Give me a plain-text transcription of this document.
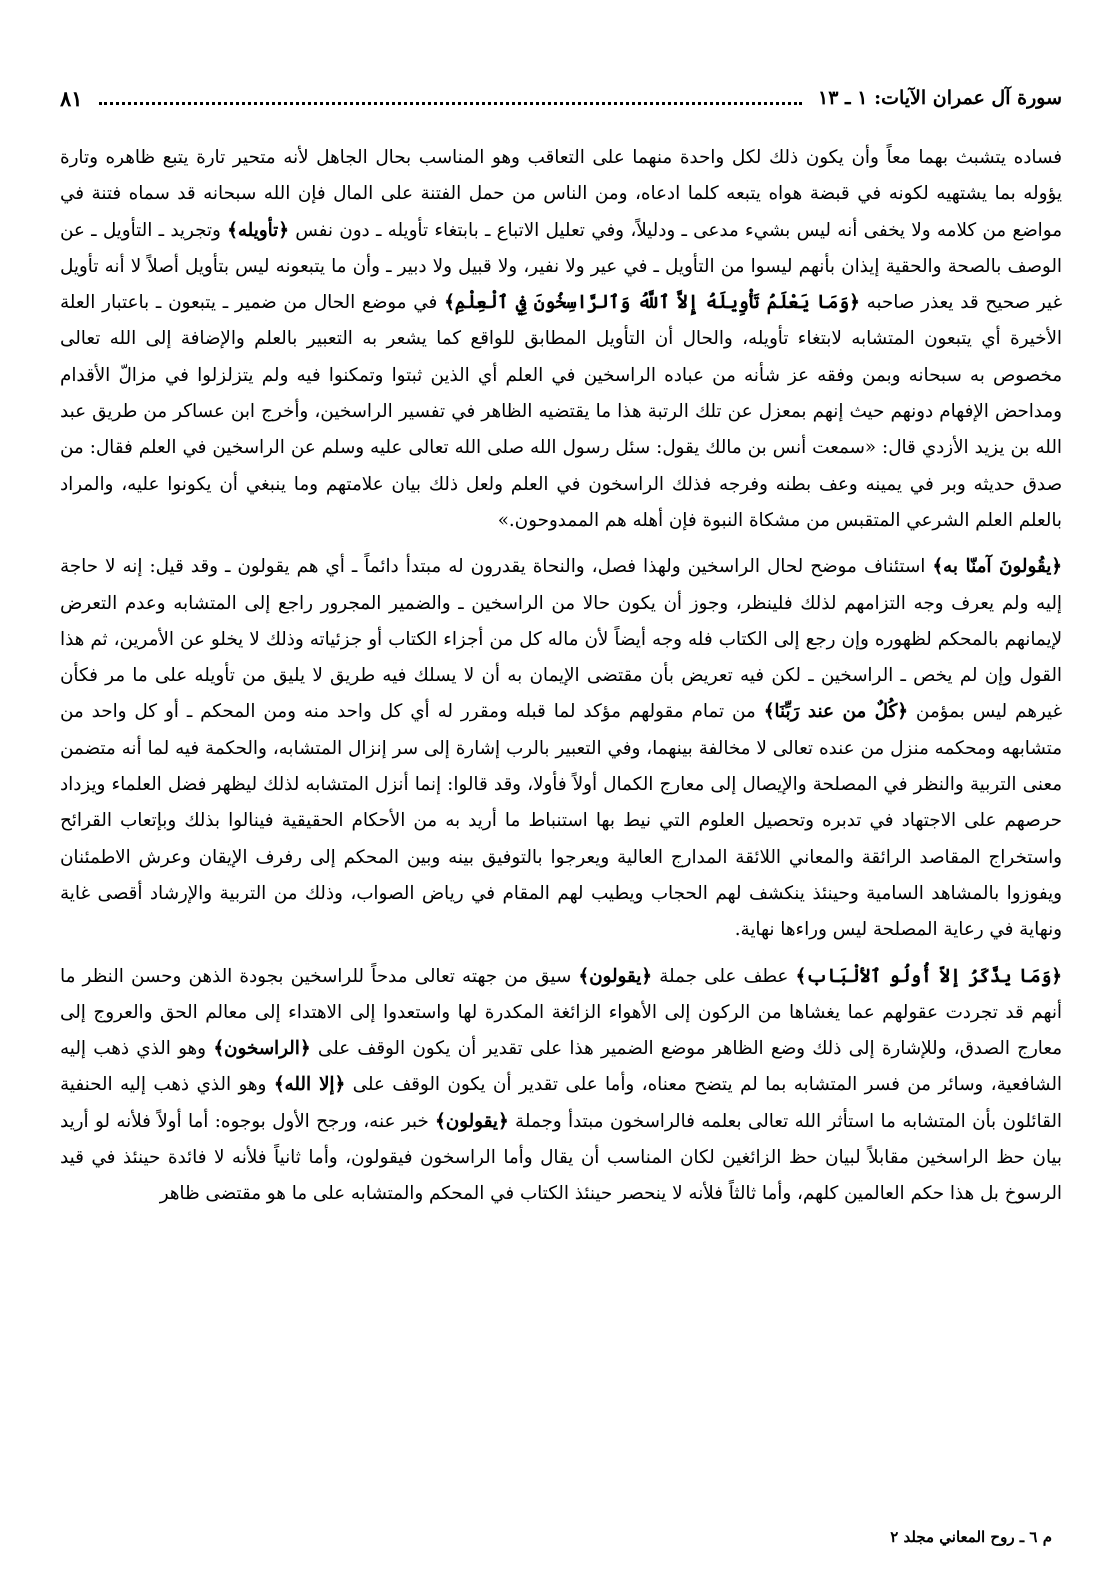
سورة آل عمران الآيات: ١ ـ ١٣
٨١

فساده يتشبث بهما معاً وأن يكون ذلك لكل واحدة منهما على التعاقب وهو المناسب بحال الجاهل لأنه متحير تارة يتبع ظاهره وتارة يؤوله بما يشتهيه لكونه في قبضة هواه يتبعه كلما ادعاه، ومن الناس من حمل الفتنة على المال فإن الله سبحانه قد سماه فتنة في مواضع من كلامه ولا يخفى أنه ليس بشيء مدعى ـ ودليلاً، وفي تعليل الاتباع ـ بابتغاء تأويله ـ دون نفس ﴿تأويله﴾ وتجريد ـ التأويل ـ عن الوصف بالصحة والحقية إيذان بأنهم ليسوا من التأويل ـ في عير ولا نفير، ولا قبيل ولا دبير ـ وأن ما يتبعونه ليس بتأويل أصلاً لا أنه تأويل غير صحيح قد يعذر صاحبه ﴿وَمَا يَعْلَمُ تَأْوِيلَهُ إِلاَّ ٱللَّهُ وَٱلرَّاسِخُونَ فِي ٱلْعِلْمِ﴾ في موضع الحال من ضمير ـ يتبعون ـ باعتبار العلة الأخيرة أي يتبعون المتشابه لابتغاء تأويله، والحال أن التأويل المطابق للواقع كما يشعر به التعبير بالعلم والإضافة إلى الله تعالى مخصوص به سبحانه وبمن وفقه عز شأنه من عباده الراسخين في العلم أي الذين ثبتوا وتمكنوا فيه ولم يتزلزلوا في مزالّ الأقدام ومداحض الإفهام دونهم حيث إنهم بمعزل عن تلك الرتبة هذا ما يقتضيه الظاهر في تفسير الراسخين، وأخرج ابن عساكر من طريق عبد الله بن يزيد الأزدي قال: «سمعت أنس بن مالك يقول: سئل رسول الله صلى الله تعالى عليه وسلم عن الراسخين في العلم فقال: من صدق حديثه وبر في يمينه وعف بطنه وفرجه فذلك الراسخون في العلم ولعل ذلك بيان علامتهم وما ينبغي أن يكونوا عليه، والمراد بالعلم العلم الشرعي المتقبس من مشكاة النبوة فإن أهله هم الممدوحون.»

﴿يقُولونَ آمنّا به﴾ استئناف موضح لحال الراسخين ولهذا فصل، والنحاة يقدرون له مبتدأ دائماً ـ أي هم يقولون ـ وقد قيل: إنه لا حاجة إليه ولم يعرف وجه التزامهم لذلك فلينظر، وجوز أن يكون حالا من الراسخين ـ والضمير المجرور راجع إلى المتشابه وعدم التعرض لإيمانهم بالمحكم لظهوره وإن رجع إلى الكتاب فله وجه أيضاً لأن ماله كل من أجزاء الكتاب أو جزئياته وذلك لا يخلو عن الأمرين، ثم هذا القول وإن لم يخص ـ الراسخين ـ لكن فيه تعريض بأن مقتضى الإيمان به أن لا يسلك فيه طريق لا يليق من تأويله على ما مر فكأن غيرهم ليس بمؤمن ﴿كُلٌ من عند رَبِّنَا﴾ من تمام مقولهم مؤكد لما قبله ومقرر له أي كل واحد منه ومن المحكم ـ أو كل واحد من متشابهه ومحكمه منزل من عنده تعالى لا مخالفة بينهما، وفي التعبير بالرب إشارة إلى سر إنزال المتشابه، والحكمة فيه لما أنه متضمن معنى التربية والنظر في المصلحة والإيصال إلى معارج الكمال أولاً فأولا، وقد قالوا: إنما أنزل المتشابه لذلك ليظهر فضل العلماء ويزداد حرصهم على الاجتهاد في تدبره وتحصيل العلوم التي نيط بها استنباط ما أريد به من الأحكام الحقيقية فينالوا بذلك وبإتعاب القرائح واستخراج المقاصد الرائقة والمعاني اللائقة المدارج العالية ويعرجوا بالتوفيق بينه وبين المحكم إلى رفرف الإيقان وعرش الاطمئنان ويفوزوا بالمشاهد السامية وحينئذ ينكشف لهم الحجاب ويطيب لهم المقام في رياض الصواب، وذلك من التربية والإرشاد أقصى غاية ونهاية في رعاية المصلحة ليس وراءها نهاية.

﴿وَمَا يذَّكَرُ إلاّ أُولُو ٱلألْبَاب﴾ عطف على جملة ﴿يقولون﴾ سيق من جهته تعالى مدحاً للراسخين بجودة الذهن وحسن النظر ما أنهم قد تجردت عقولهم عما يغشاها من الركون إلى الأهواء الزائغة المكدرة لها واستعدوا إلى الاهتداء إلى معالم الحق والعروج إلى معارج الصدق، وللإشارة إلى ذلك وضع الظاهر موضع الضمير هذا على تقدير أن يكون الوقف على ﴿الراسخون﴾ وهو الذي ذهب إليه الشافعية، وسائر من فسر المتشابه بما لم يتضح معناه، وأما على تقدير أن يكون الوقف على ﴿إلا الله﴾ وهو الذي ذهب إليه الحنفية القائلون بأن المتشابه ما استأثر الله تعالى بعلمه فالراسخون مبتدأ وجملة ﴿يقولون﴾ خبر عنه، ورجح الأول بوجوه: أما أولاً فلأنه لو أريد بيان حظ الراسخين مقابلاً لبيان حظ الزائغين لكان المناسب أن يقال وأما الراسخون فيقولون، وأما ثانياً فلأنه لا فائدة حينئذ في قيد الرسوخ بل هذا حكم العالمين كلهم، وأما ثالثاً فلأنه لا ينحصر حينئذ الكتاب في المحكم والمتشابه على ما هو مقتضى ظاهر

م ٦ ـ روح المعاني مجلد ٢
